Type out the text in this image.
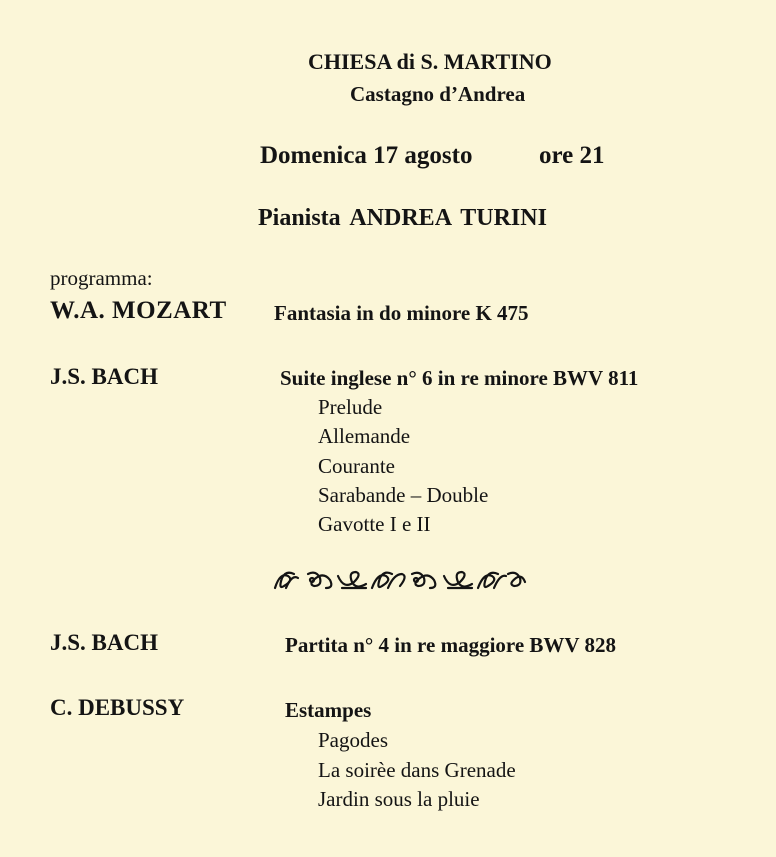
CHIESA di S. MARTINO
Castagno d’Andrea
Domenica 17 agosto	ore 21
Pianista ANDREA TURINI
programma:
W.A. MOZART Fantasia in do minore K 475
J.S. BACH	Suite inglese n° 6 in re minore BWV 811
Prelude
Allemande
Courante
Sarabande – Double
Gavotte I e II
J.S. BACH	Partita n° 4 in re maggiore BWV 828
C. DEBUSSY	Estampes
Pagodes
La soirèe dans Grenade
Jardin sous la pluie
